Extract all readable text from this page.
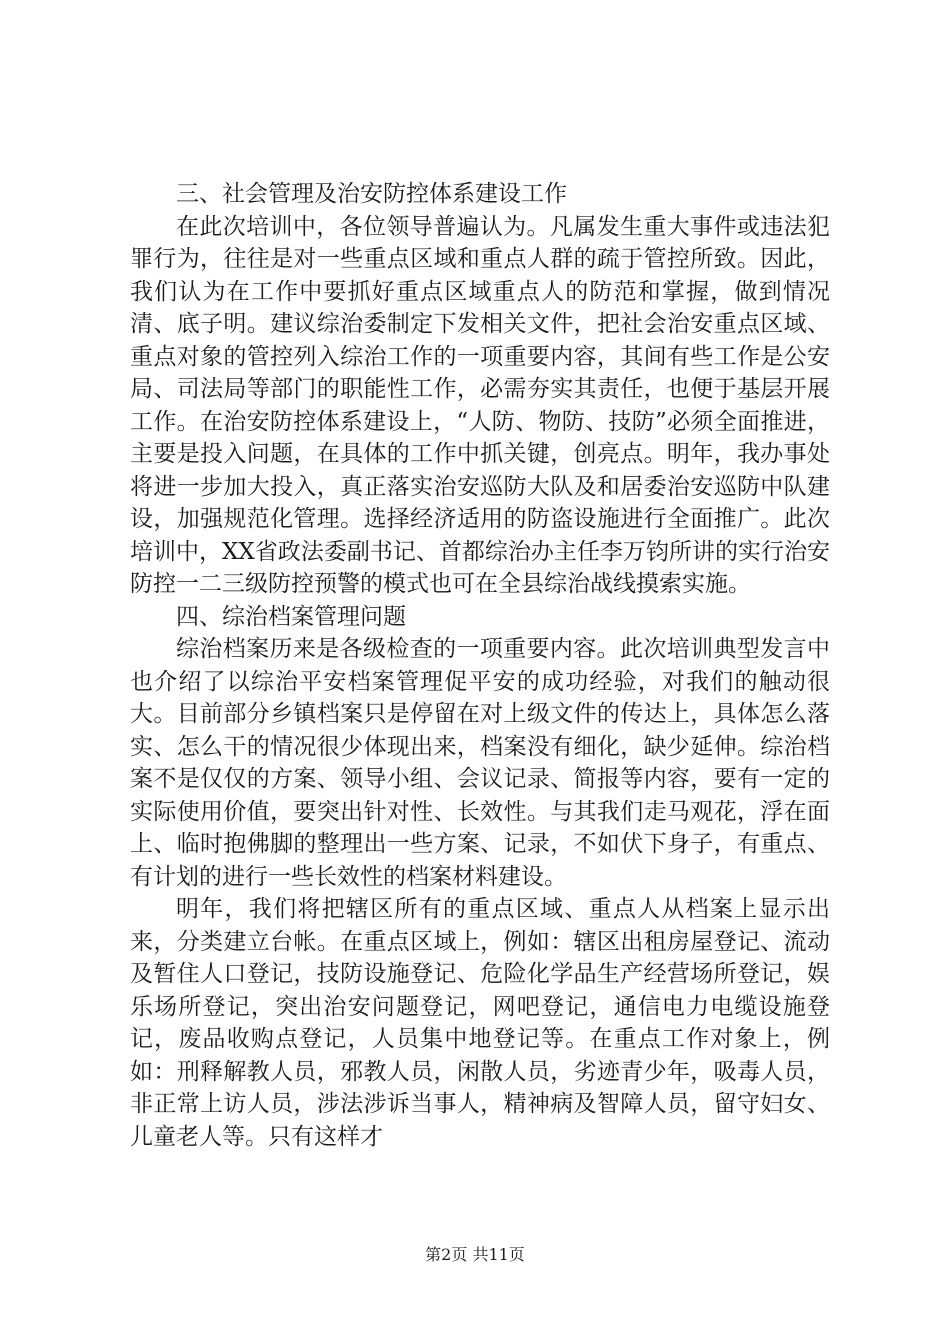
三、社会管理及治安防控体系建设工作

在此次培训中，各位领导普遍认为。凡属发生重大事件或违法犯罪行为，往往是对一些重点区域和重点人群的疏于管控所致。因此，我们认为在工作中要抓好重点区域重点人的防范和掌握，做到情况清、底子明。建议综治委制定下发相关文件，把社会治安重点区域、重点对象的管控列入综治工作的一项重要内容，其间有些工作是公安局、司法局等部门的职能性工作，必需夯实其责任，也便于基层开展工作。在治安防控体系建设上，“人防、物防、技防”必须全面推进，主要是投入问题，在具体的工作中抓关键，创亮点。明年，我办事处将进一步加大投入，真正落实治安巡防大队及和居委治安巡防中队建设，加强规范化管理。选择经济适用的防盗设施进行全面推广。此次培训中，XX省政法委副书记、首都综治办主任李万钧所讲的实行治安防控一二三级防控预警的模式也可在全县综治战线摸索实施。

四、综治档案管理问题

综治档案历来是各级检查的一项重要内容。此次培训典型发言中也介绍了以综治平安档案管理促平安的成功经验，对我们的触动很大。目前部分乡镇档案只是停留在对上级文件的传达上，具体怎么落实、怎么干的情况很少体现出来，档案没有细化，缺少延伸。综治档案不是仅仅的方案、领导小组、会议记录、简报等内容，要有一定的实际使用价值，要突出针对性、长效性。与其我们走马观花，浮在面上、临时抱佛脚的整理出一些方案、记录，不如伏下身子，有重点、有计划的进行一些长效性的档案材料建设。

明年，我们将把辖区所有的重点区域、重点人从档案上显示出来，分类建立台帐。在重点区域上，例如：辖区出租房屋登记、流动及暂住人口登记，技防设施登记、危险化学品生产经营场所登记，娱乐场所登记，突出治安问题登记，网吧登记，通信电力电缆设施登记，废品收购点登记，人员集中地登记等。在重点工作对象上，例如：刑释解教人员，邪教人员，闲散人员，劣迹青少年，吸毒人员，非正常上访人员，涉法涉诉当事人，精神病及智障人员，留守妇女、儿童老人等。只有这样才

第2页 共11页
